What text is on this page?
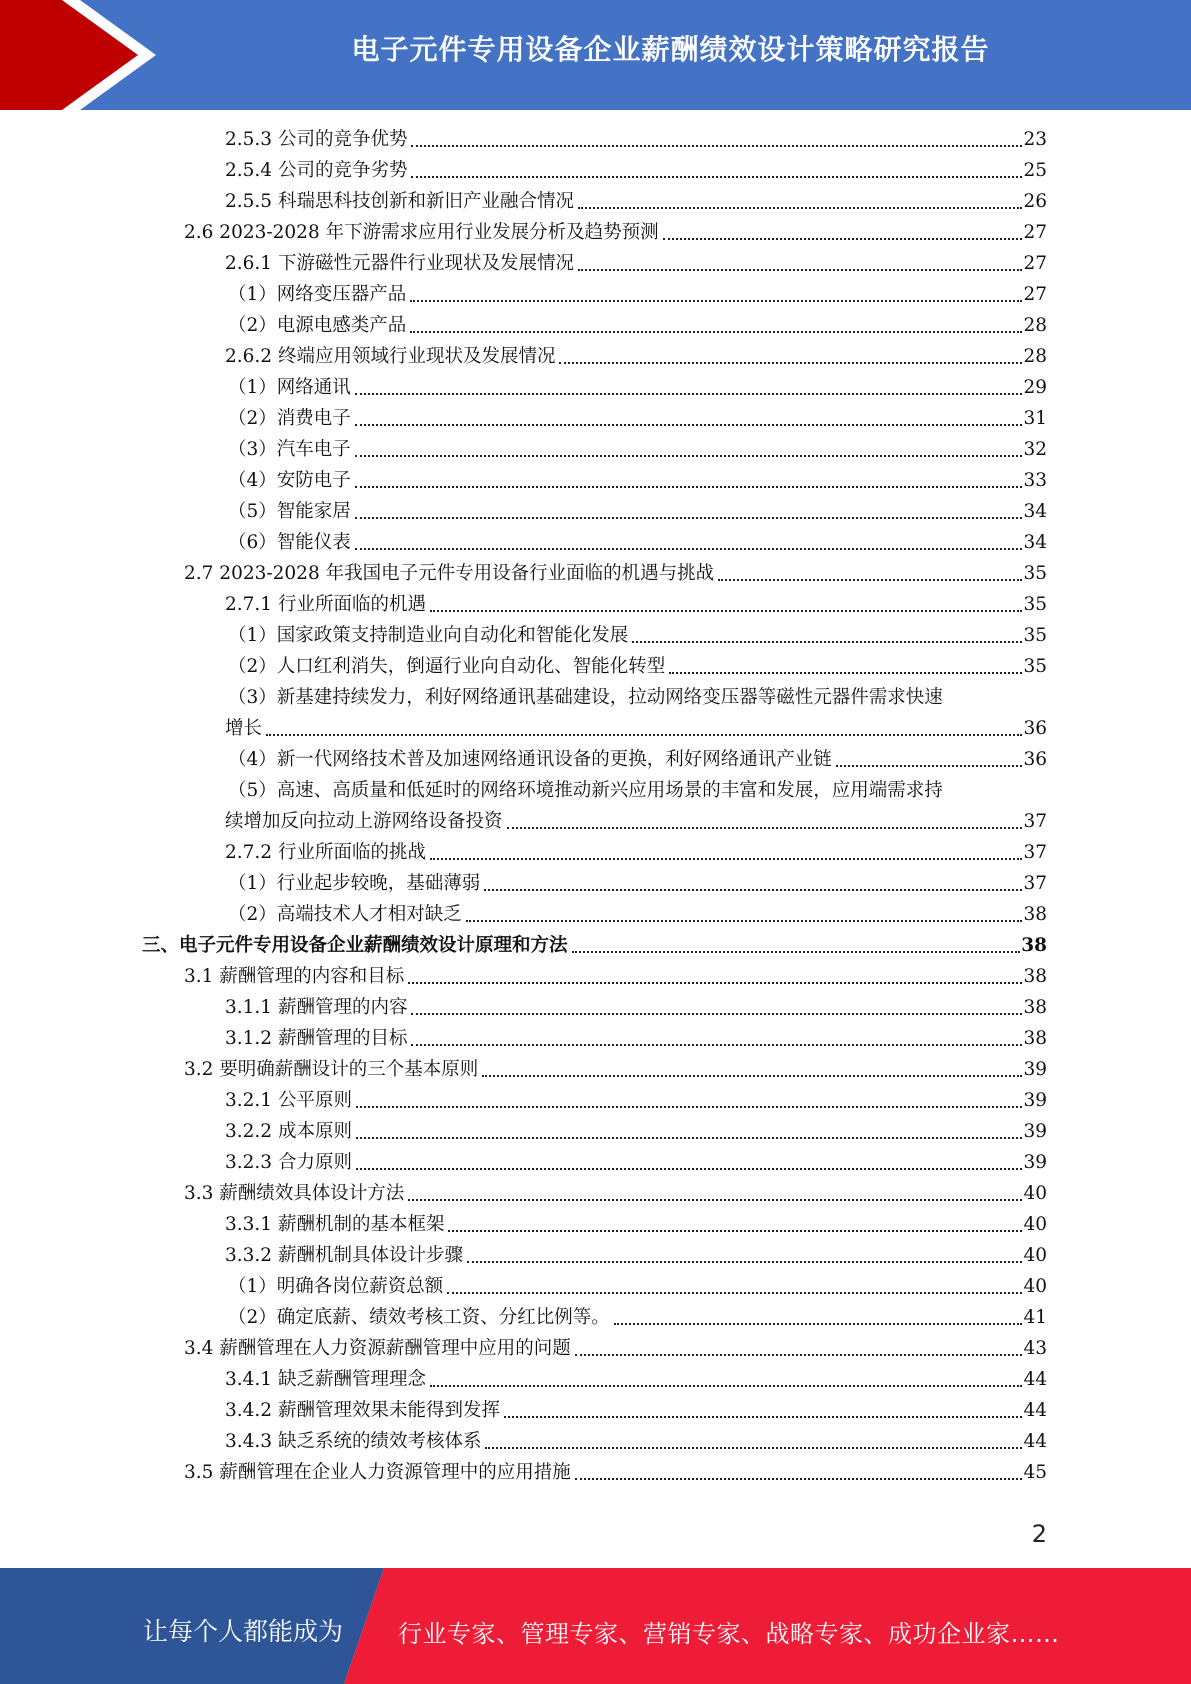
电子元件专用设备企业薪酬绩效设计策略研究报告
2.5.3 公司的竞争优势	23
2.5.4 公司的竞争劣势	25
2.5.5 科瑞思科技创新和新旧产业融合情况	26
2.6 2023-2028 年下游需求应用行业发展分析及趋势预测	27
2.6.1 下游磁性元器件行业现状及发展情况	27
（1）网络变压器产品	27
（2）电源电感类产品	28
2.6.2 终端应用领域行业现状及发展情况	28
（1）网络通讯	29
（2）消费电子	31
（3）汽车电子	32
（4）安防电子	33
（5）智能家居	34
（6）智能仪表	34
2.7 2023-2028 年我国电子元件专用设备行业面临的机遇与挑战	35
2.7.1 行业所面临的机遇	35
（1）国家政策支持制造业向自动化和智能化发展	35
（2）人口红利消失，倒逼行业向自动化、智能化转型	35
（3）新基建持续发力，利好网络通讯基础建设，拉动网络变压器等磁性元器件需求快速
增长	36
（4）新一代网络技术普及加速网络通讯设备的更换，利好网络通讯产业链	36
（5）高速、高质量和低延时的网络环境推动新兴应用场景的丰富和发展，应用端需求持
续增加反向拉动上游网络设备投资	37
2.7.2 行业所面临的挑战	37
（1）行业起步较晚，基础薄弱	37
（2）高端技术人才相对缺乏	38
三、电子元件专用设备企业薪酬绩效设计原理和方法	38
3.1 薪酬管理的内容和目标	38
3.1.1 薪酬管理的内容	38
3.1.2 薪酬管理的目标	38
3.2 要明确薪酬设计的三个基本原则	39
3.2.1 公平原则	39
3.2.2 成本原则	39
3.2.3 合力原则	39
3.3 薪酬绩效具体设计方法	40
3.3.1 薪酬机制的基本框架	40
3.3.2 薪酬机制具体设计步骤	40
（1）明确各岗位薪资总额	40
（2）确定底薪、绩效考核工资、分红比例等。	41
3.4 薪酬管理在人力资源薪酬管理中应用的问题	43
3.4.1 缺乏薪酬管理理念	44
3.4.2 薪酬管理效果未能得到发挥	44
3.4.3 缺乏系统的绩效考核体系	44
3.5 薪酬管理在企业人力资源管理中的应用措施	45
2
让每个人都能成为 行业专家、管理专家、营销专家、战略专家、成功企业家……
